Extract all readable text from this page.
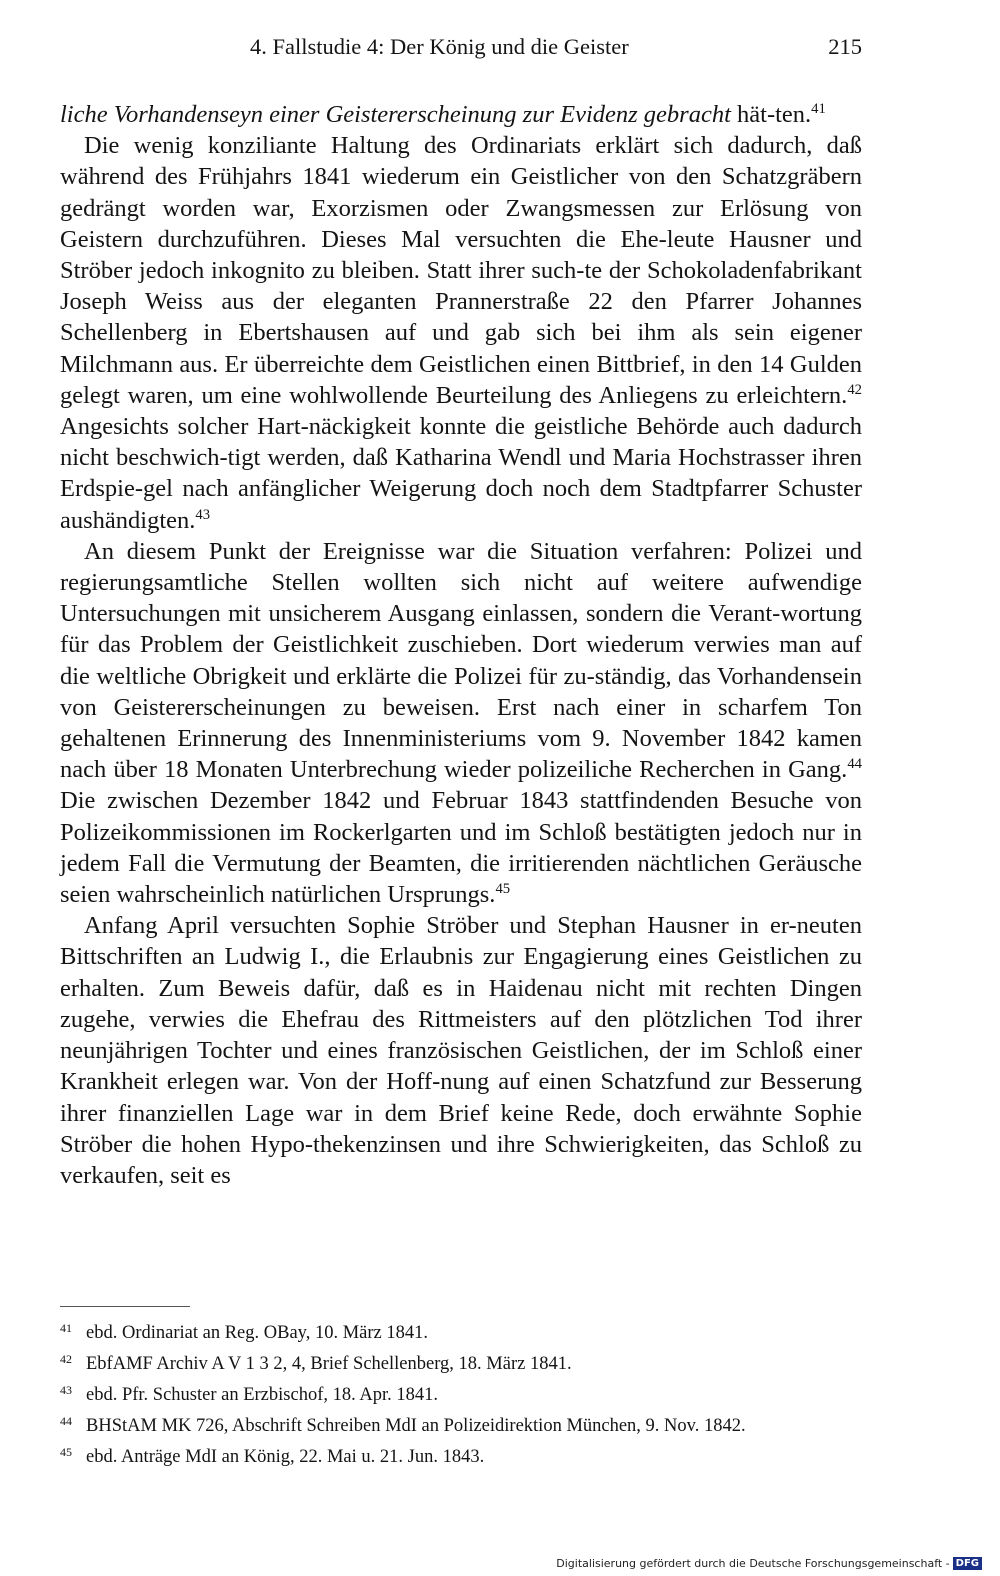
4. Fallstudie 4: Der König und die Geister	215

liche Vorhandenseyn einer Geistererscheinung zur Evidenz gebracht hät-ten.$^{41}$

Die wenig konziliante Haltung des Ordinariats erklärt sich dadurch, daß während des Frühjahrs 1841 wiederum ein Geistlicher von den Schatzgräbern gedrängt worden war, Exorzismen oder Zwangsmessen zur Erlösung von Geistern durchzuführen. Dieses Mal versuchten die Ehe-leute Hausner und Ströber jedoch inkognito zu bleiben. Statt ihrer such-te der Schokoladenfabrikant Joseph Weiss aus der eleganten Prannerstraße 22 den Pfarrer Johannes Schellenberg in Ebertshausen auf und gab sich bei ihm als sein eigener Milchmann aus. Er überreichte dem Geistlichen einen Bittbrief, in den 14 Gulden gelegt waren, um eine wohlwollende Beurteilung des Anliegens zu erleichtern.$^{42}$ Angesichts solcher Hart-näckigkeit konnte die geistliche Behörde auch dadurch nicht beschwich-tigt werden, daß Katharina Wendl und Maria Hochstrasser ihren Erdspie-gel nach anfänglicher Weigerung doch noch dem Stadtpfarrer Schuster aushändigten.$^{43}$

An diesem Punkt der Ereignisse war die Situation verfahren: Polizei und regierungsamtliche Stellen wollten sich nicht auf weitere aufwendige Untersuchungen mit unsicherem Ausgang einlassen, sondern die Verant-wortung für das Problem der Geistlichkeit zuschieben. Dort wiederum verwies man auf die weltliche Obrigkeit und erklärte die Polizei für zu-ständig, das Vorhandensein von Geistererscheinungen zu beweisen. Erst nach einer in scharfem Ton gehaltenen Erinnerung des Innenministeriums vom 9. November 1842 kamen nach über 18 Monaten Unterbrechung wieder polizeiliche Recherchen in Gang.$^{44}$ Die zwischen Dezember 1842 und Februar 1843 stattfindenden Besuche von Polizeikommissionen im Rockerlgarten und im Schloß bestätigten jedoch nur in jedem Fall die Vermutung der Beamten, die irritierenden nächtlichen Geräusche seien wahrscheinlich natürlichen Ursprungs.$^{45}$

Anfang April versuchten Sophie Ströber und Stephan Hausner in er-neuten Bittschriften an Ludwig I., die Erlaubnis zur Engagierung eines Geistlichen zu erhalten. Zum Beweis dafür, daß es in Haidenau nicht mit rechten Dingen zugehe, verwies die Ehefrau des Rittmeisters auf den plötzlichen Tod ihrer neunjährigen Tochter und eines französischen Geistlichen, der im Schloß einer Krankheit erlegen war. Von der Hoff-nung auf einen Schatzfund zur Besserung ihrer finanziellen Lage war in dem Brief keine Rede, doch erwähnte Sophie Ströber die hohen Hypo-thekenzinsen und ihre Schwierigkeiten, das Schloß zu verkaufen, seit es

41 ebd. Ordinariat an Reg. OBay, 10. März 1841.
42 EbfAMF Archiv A V 1 3 2, 4, Brief Schellenberg, 18. März 1841.
43 ebd. Pfr. Schuster an Erzbischof, 18. Apr. 1841.
44 BHStAM MK 726, Abschrift Schreiben MdI an Polizeidirektion München, 9. Nov. 1842.
45 ebd. Anträge MdI an König, 22. Mai u. 21. Jun. 1843.
Digitalisierung gefördert durch die Deutsche Forschungsgemeinschaft - DFG
